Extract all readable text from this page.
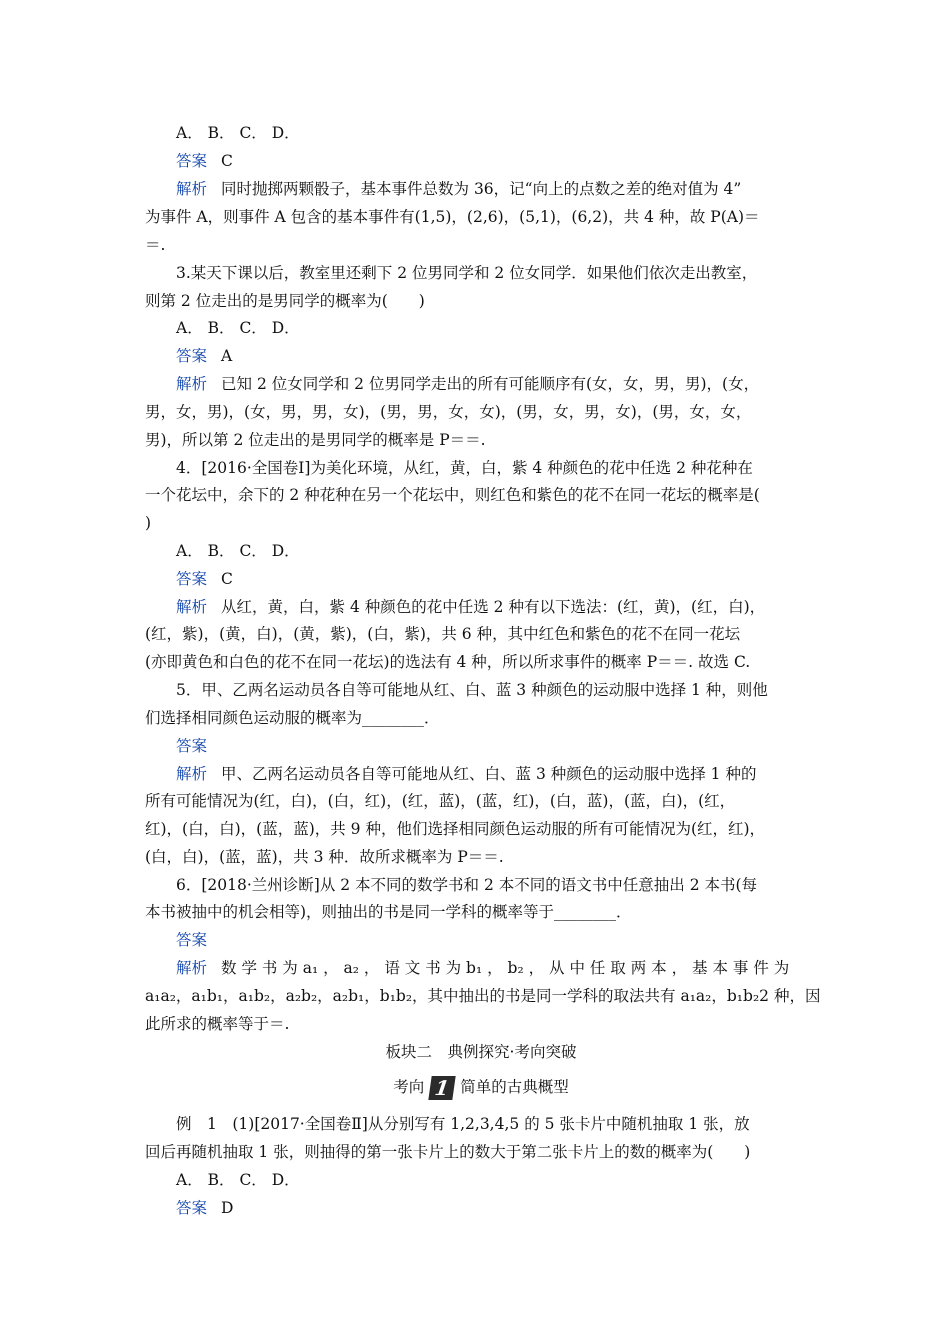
A． B． C． D．
答案 C
解析 同时抛掷两颗骰子，基本事件总数为 36，记“向上的点数之差的绝对值为 4”
为事件 A，则事件 A 包含的基本事件有(1,5)，(2,6)，(5,1)，(6,2)，共 4 种，故 P(A)＝
＝.
3.某天下课以后，教室里还剩下 2 位男同学和 2 位女同学．如果他们依次走出教室，
则第 2 位走出的是男同学的概率为(　　)
A． B． C． D．
答案 A
解析 已知 2 位女同学和 2 位男同学走出的所有可能顺序有(女，女，男，男)，(女，
男，女，男)，(女，男，男，女)，(男，男，女，女)，(男，女，男，女)，(男，女，女，
男)，所以第 2 位走出的是男同学的概率是 P＝＝.
4．[2016·全国卷Ⅰ]为美化环境，从红，黄，白，紫 4 种颜色的花中任选 2 种花种在
一个花坛中，余下的 2 种花种在另一个花坛中，则红色和紫色的花不在同一花坛的概率是(
)
A． B． C． D．
答案 C
解析 从红，黄，白，紫 4 种颜色的花中任选 2 种有以下选法：(红，黄)，(红，白)，
(红，紫)，(黄，白)，(黄，紫)，(白，紫)，共 6 种，其中红色和紫色的花不在同一花坛
(亦即黄色和白色的花不在同一花坛)的选法有 4 种，所以所求事件的概率 P＝＝. 故选 C.
5．甲、乙两名运动员各自等可能地从红、白、蓝 3 种颜色的运动服中选择 1 种，则他
们选择相同颜色运动服的概率为________．
答案
解析 甲、乙两名运动员各自等可能地从红、白、蓝 3 种颜色的运动服中选择 1 种的
所有可能情况为(红，白)，(白，红)，(红，蓝)，(蓝，红)，(白，蓝)，(蓝，白)，(红，
红)，(白，白)，(蓝，蓝)，共 9 种，他们选择相同颜色运动服的所有可能情况为(红，红)，
(白，白)，(蓝，蓝)，共 3 种．故所求概率为 P＝＝.
6．[2018·兰州诊断]从 2 本不同的数学书和 2 本不同的语文书中任意抽出 2 本书(每
本书被抽中的机会相等)，则抽出的书是同一学科的概率等于________．
答案
解析 数 学 书 为 a₁ ， a₂ ， 语 文 书 为 b₁ ， b₂ ， 从 中 任 取 两 本 ， 基 本 事 件 为
a₁a₂，a₁b₁，a₁b₂，a₂b₂，a₂b₁，b₁b₂，其中抽出的书是同一学科的取法共有 a₁a₂，b₁b₂2 种，因
此所求的概率等于＝.
板块二　典例探究·考向突破
考向 1 简单的古典概型
例　1　(1)[2017·全国卷Ⅱ]从分别写有 1,2,3,4,5 的 5 张卡片中随机抽取 1 张，放
回后再随机抽取 1 张，则抽得的第一张卡片上的数大于第二张卡片上的数的概率为(　　)
A． B． C． D．
答案 D
